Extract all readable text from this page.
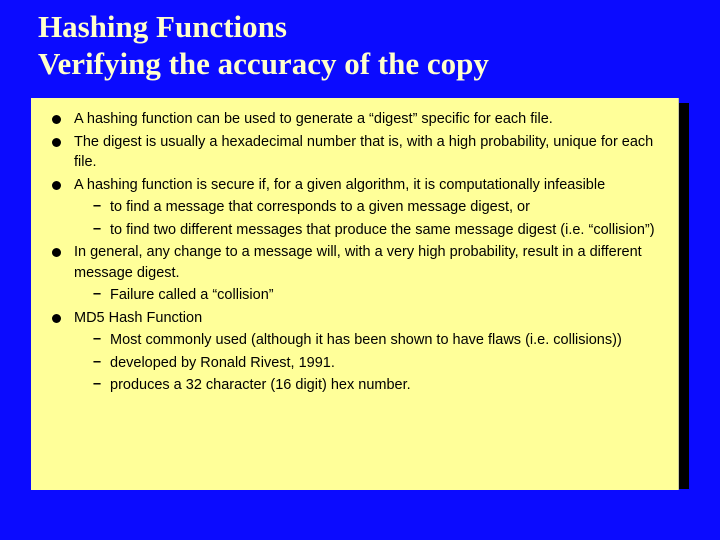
Hashing Functions
Verifying the accuracy of the copy
A hashing function can be used to generate a “digest” specific for each file.
The digest is usually a hexadecimal number that is, with a high probability, unique for each file.
A hashing function is secure if, for a given algorithm, it is computationally infeasible
– to find a message that corresponds to a given message digest, or
– to find two different messages that produce the same message digest (i.e. “collision”)
In general, any change to a message will, with a very high probability, result in a different message digest.
– Failure called a “collision”
MD5 Hash Function
– Most commonly used (although it has been shown to have flaws (i.e. collisions))
– developed by Ronald Rivest, 1991.
– produces a 32 character (16 digit) hex number.
